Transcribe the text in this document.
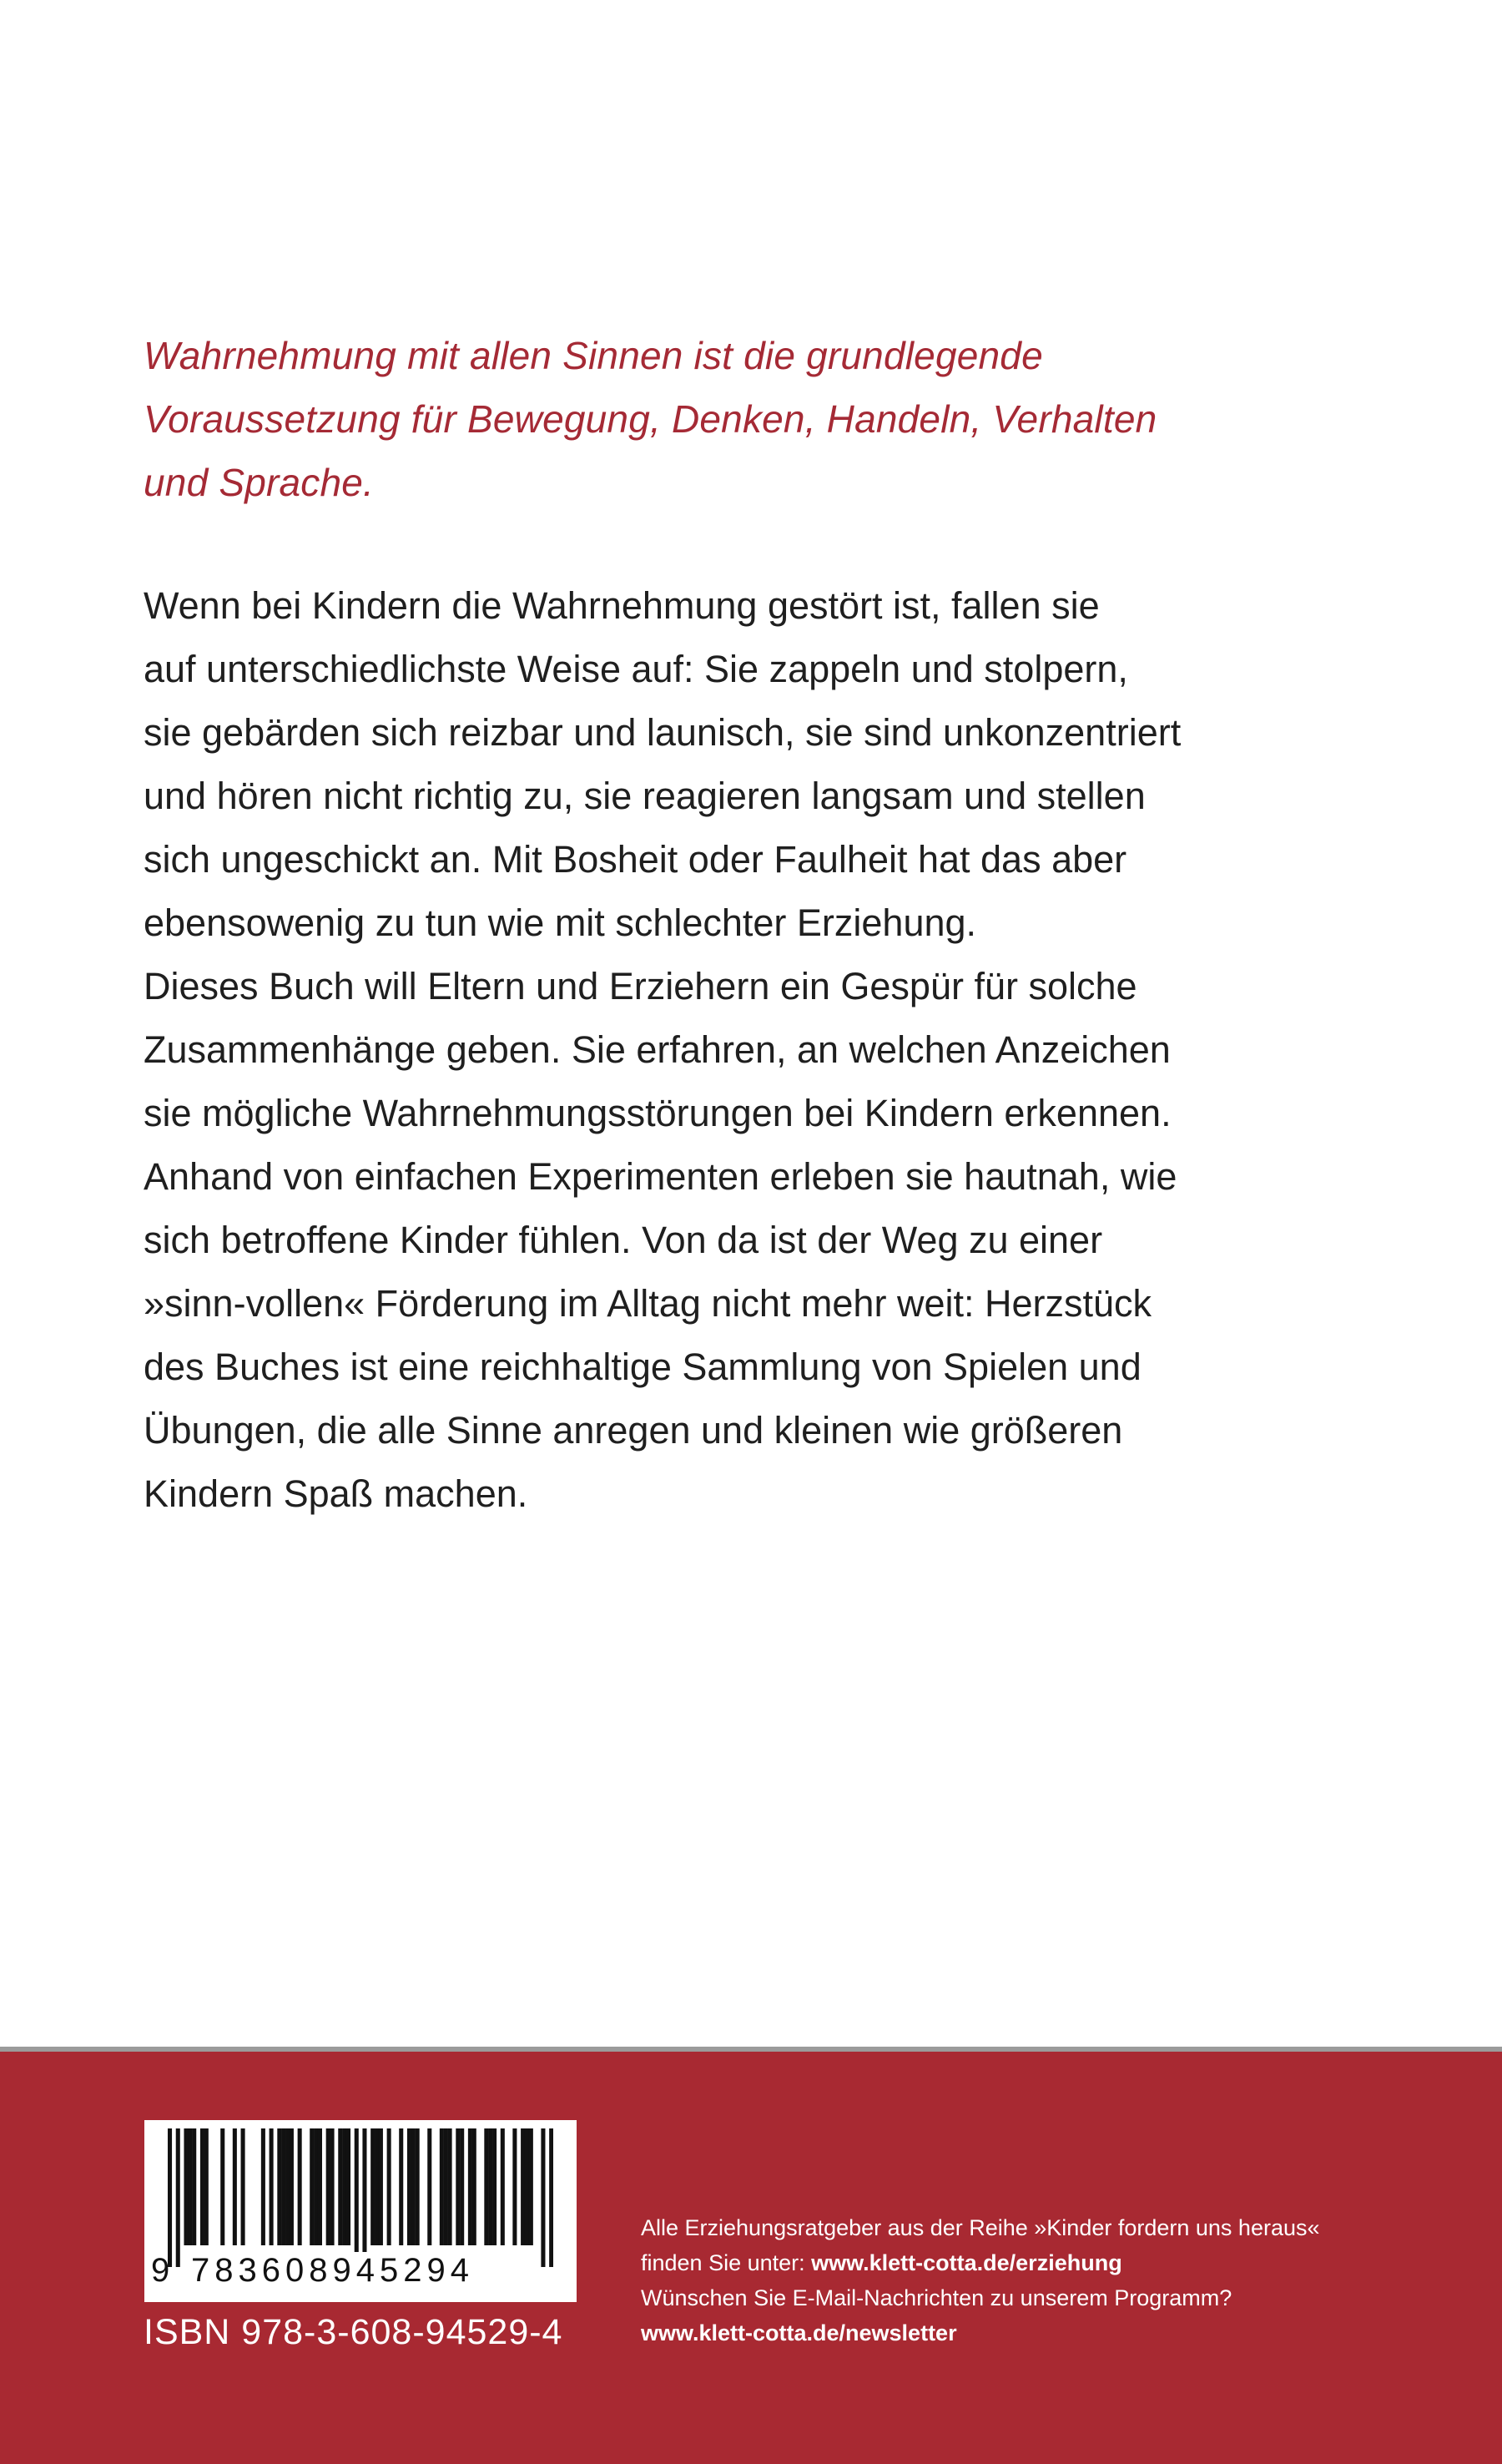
Wahrnehmung mit allen Sinnen ist die grundlegende
Voraussetzung für Bewegung, Denken, Handeln, Verhalten
und Sprache.

Wenn bei Kindern die Wahrnehmung gestört ist, fallen sie
auf unterschiedlichste Weise auf: Sie zappeln und stolpern,
sie gebärden sich reizbar und launisch, sie sind unkonzentriert
und hören nicht richtig zu, sie reagieren langsam und stellen
sich ungeschickt an. Mit Bosheit oder Faulheit hat das aber
ebensowenig zu tun wie mit schlechter Erziehung.
Dieses Buch will Eltern und Erziehern ein Gespür für solche
Zusammenhänge geben. Sie erfahren, an welchen Anzeichen
sie mögliche Wahrnehmungsstörungen bei Kindern erkennen.
Anhand von einfachen Experimenten erleben sie hautnah, wie
sich betroffene Kinder fühlen. Von da ist der Weg zu einer
»sinn-vollen« Förderung im Alltag nicht mehr weit: Herzstück
des Buches ist eine reichhaltige Sammlung von Spielen und
Übungen, die alle Sinne anregen und kleinen wie größeren
Kindern Spaß machen.

9 783608945294
ISBN 978-3-608-94529-4
Alle Erziehungsratgeber aus der Reihe »Kinder fordern uns heraus«
finden Sie unter: www.klett-cotta.de/erziehung
Wünschen Sie E-Mail-Nachrichten zu unserem Programm?
www.klett-cotta.de/newsletter
